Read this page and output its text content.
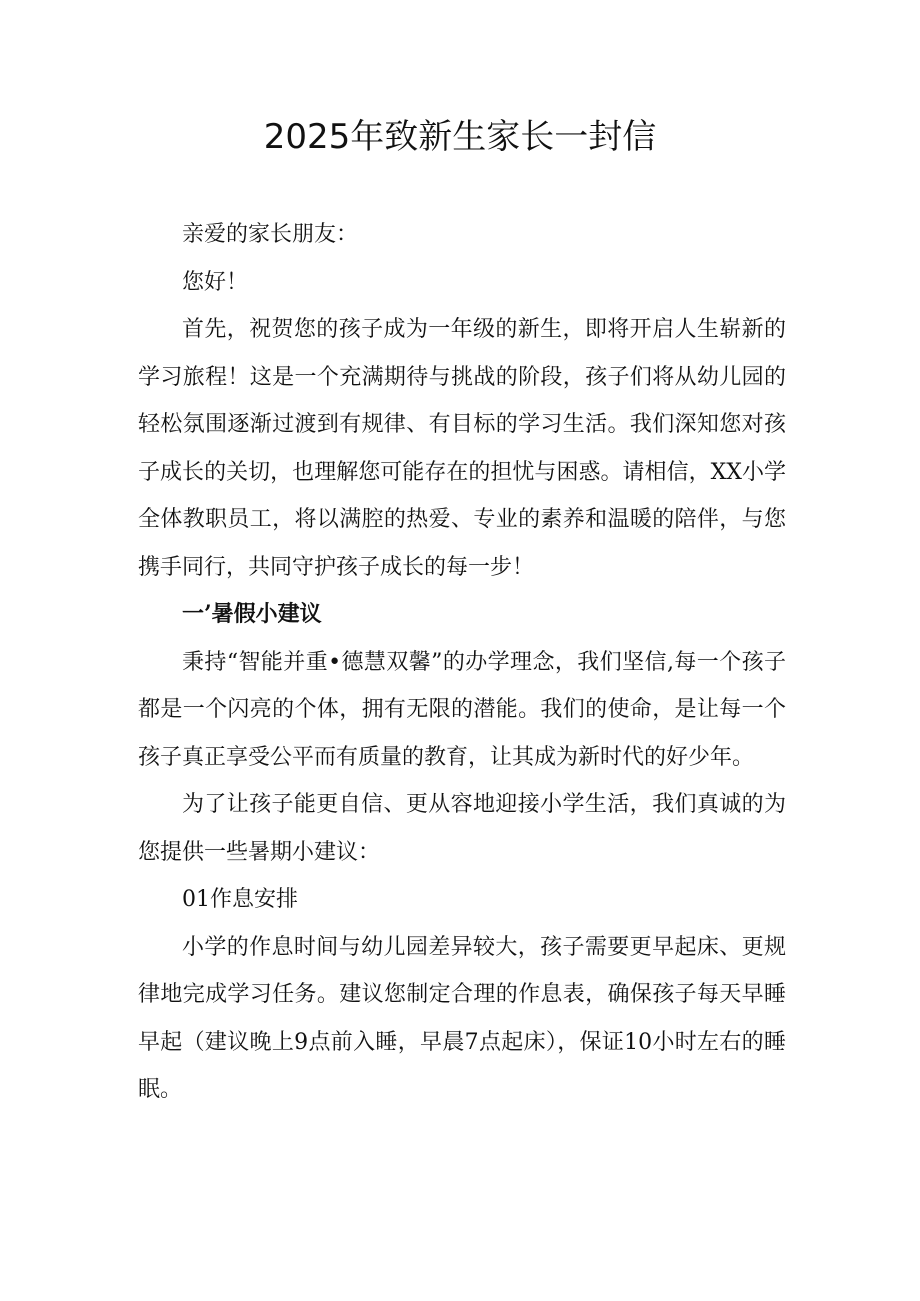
2025年致新生家长一封信

亲爱的家长朋友：

您好！

首先，祝贺您的孩子成为一年级的新生，即将开启人生崭新的学习旅程！这是一个充满期待与挑战的阶段，孩子们将从幼儿园的轻松氛围逐渐过渡到有规律、有目标的学习生活。我们深知您对孩子成长的关切，也理解您可能存在的担忧与困惑。请相信，XX小学全体教职员工，将以满腔的热爱、专业的素养和温暖的陪伴，与您携手同行，共同守护孩子成长的每一步！

一’暑假小建议

秉持“智能并重•德慧双馨”的办学理念，我们坚信,每一个孩子都是一个闪亮的个体，拥有无限的潜能。我们的使命，是让每一个孩子真正享受公平而有质量的教育，让其成为新时代的好少年。

为了让孩子能更自信、更从容地迎接小学生活，我们真诚的为您提供一些暑期小建议：

01作息安排

小学的作息时间与幼儿园差异较大，孩子需要更早起床、更规律地完成学习任务。建议您制定合理的作息表，确保孩子每天早睡早起（建议晚上9点前入睡，早晨7点起床），保证10小时左右的睡眠。
